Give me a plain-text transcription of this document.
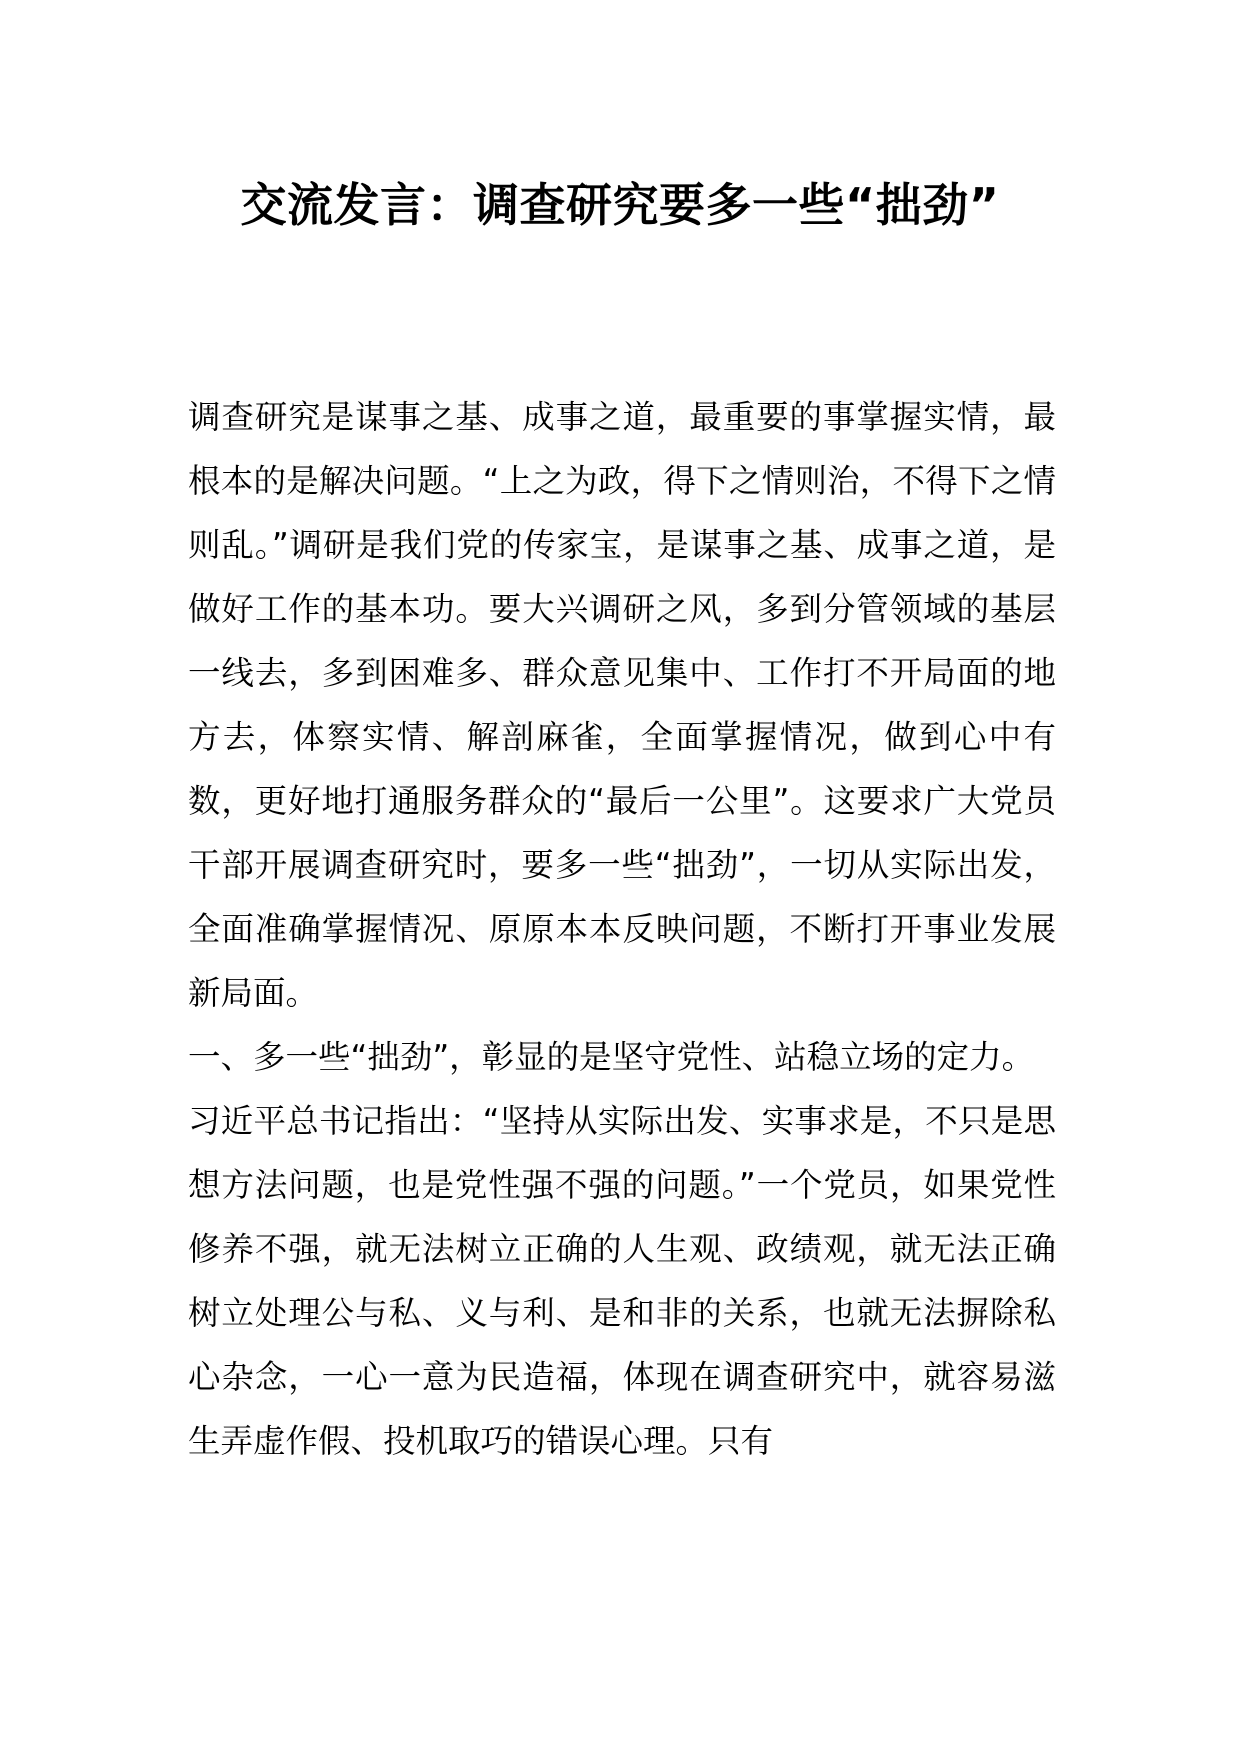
交流发言：调查研究要多一些“拙劲”

调查研究是谋事之基、成事之道，最重要的事掌握实情，最根本的是解决问题。“上之为政，得下之情则治，不得下之情则乱。”调研是我们党的传家宝，是谋事之基、成事之道，是做好工作的基本功。要大兴调研之风，多到分管领域的基层一线去，多到困难多、群众意见集中、工作打不开局面的地方去，体察实情、解剖麻雀，全面掌握情况，做到心中有数，更好地打通服务群众的“最后一公里”。这要求广大党员干部开展调查研究时，要多一些“拙劲”，一切从实际出发，全面准确掌握情况、原原本本反映问题，不断打开事业发展新局面。

一、多一些“拙劲”，彰显的是坚守党性、站稳立场的定力。

习近平总书记指出：“坚持从实际出发、实事求是，不只是思想方法问题，也是党性强不强的问题。”一个党员，如果党性修养不强，就无法树立正确的人生观、政绩观，就无法正确树立处理公与私、义与利、是和非的关系，也就无法摒除私心杂念，一心一意为民造福，体现在调查研究中，就容易滋生弄虚作假、投机取巧的错误心理。只有
